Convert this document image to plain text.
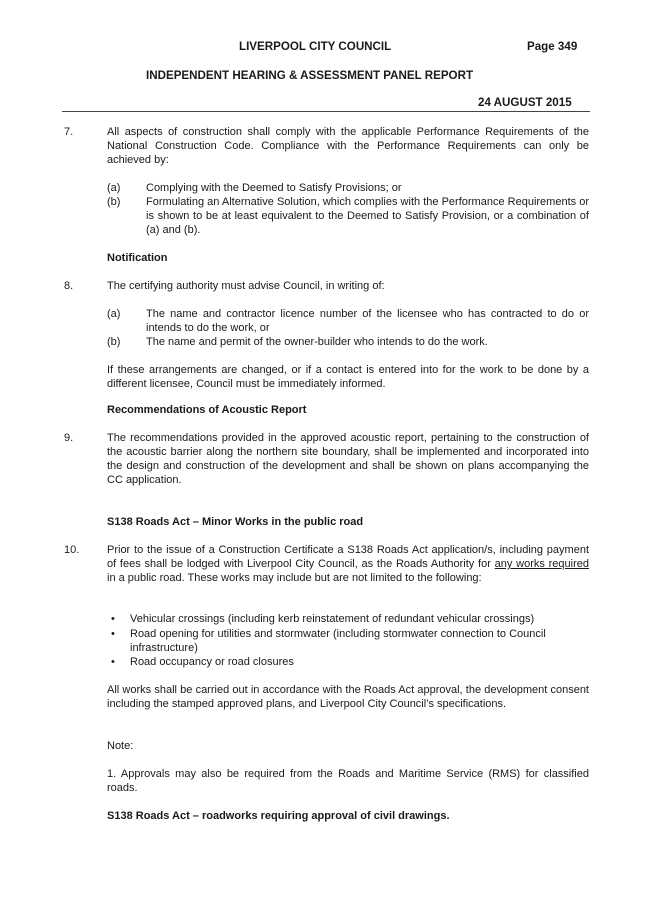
LIVERPOOL CITY COUNCIL	Page 349
INDEPENDENT HEARING & ASSESSMENT PANEL REPORT
24 AUGUST 2015
7.	All aspects of construction shall comply with the applicable Performance Requirements of the National Construction Code. Compliance with the Performance Requirements can only be achieved by:
(a) Complying with the Deemed to Satisfy Provisions; or
(b) Formulating an Alternative Solution, which complies with the Performance Requirements or is shown to be at least equivalent to the Deemed to Satisfy Provision, or a combination of (a) and (b).
Notification
8.	The certifying authority must advise Council, in writing of:
(a) The name and contractor licence number of the licensee who has contracted to do or intends to do the work, or
(b) The name and permit of the owner-builder who intends to do the work.
If these arrangements are changed, or if a contact is entered into for the work to be done by a different licensee, Council must be immediately informed.
Recommendations of Acoustic Report
9.	The recommendations provided in the approved acoustic report, pertaining to the construction of the acoustic barrier along the northern site boundary, shall be implemented and incorporated into the design and construction of the development and shall be shown on plans accompanying the CC application.
S138 Roads Act – Minor Works in the public road
10.	Prior to the issue of a Construction Certificate a S138 Roads Act application/s, including payment of fees shall be lodged with Liverpool City Council, as the Roads Authority for any works required in a public road. These works may include but are not limited to the following:
• Vehicular crossings (including kerb reinstatement of redundant vehicular crossings)
• Road opening for utilities and stormwater (including stormwater connection to Council infrastructure)
• Road occupancy or road closures
All works shall be carried out in accordance with the Roads Act approval, the development consent including the stamped approved plans, and Liverpool City Council’s specifications.
Note:
1. Approvals may also be required from the Roads and Maritime Service (RMS) for classified roads.
S138 Roads Act – roadworks requiring approval of civil drawings.
